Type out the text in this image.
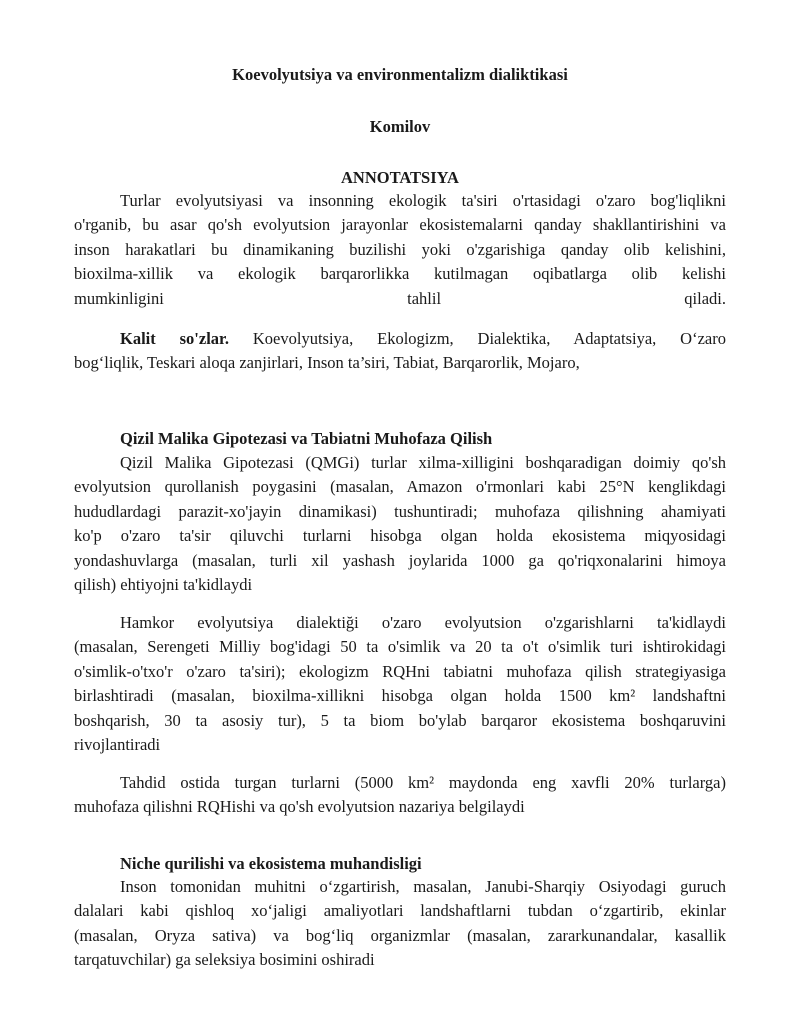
Koevolyutsiya va environmentalizm dialiktikasi
Komilov
ANNOTATSIYA
Turlar evolyutsiyasi va insonning ekologik ta'siri o'rtasidagi o'zaro bog'liqlikni
o'rganib, bu asar qo'sh evolyutsion jarayonlar ekosistemalarni qanday shakllantirishini va
inson harakatlari bu dinamikaning buzilishi yoki o'zgarishiga qanday olib kelishini,
bioxilma-xillik va ekologik barqarorlikka kutilmagan oqibatlarga olib kelishi
mumkinligini tahlil qiladi.
Kalit so'zlar. Koevolyutsiya, Ekologizm, Dialektika, Adaptatsiya, O‘zaro
bog‘liqlik, Teskari aloqa zanjirlari, Inson ta’siri, Tabiat, Barqarorlik, Mojaro,
Qizil Malika Gipotezasi va Tabiatni Muhofaza Qilish
Qizil Malika Gipotezasi (QMGi) turlar xilma-xilligini boshqaradigan doimiy qo'sh
evolyutsion qurollanish poygasini (masalan, Amazon o'rmonlari kabi 25°N kenglikdagi
hududlardagi parazit-xo'jayin dinamikasi) tushuntiradi; muhofaza qilishning ahamiyati
ko'p o'zaro ta'sir qiluvchi turlarni hisobga olgan holda ekosistema miqyosidagi
yondashuvlarga (masalan, turli xil yashash joylarida 1000 ga qo'riqxonalarini himoya
qilish) ehtiyojni ta'kidlaydi
Hamkor evolyutsiya dialektiği o'zaro evolyutsion o'zgarishlarni ta'kidlaydi
(masalan, Serengeti Milliy bog'idagi 50 ta o'simlik va 20 ta o't o'simlik turi ishtirokidagi
o'simlik-o'txo'r o'zaro ta'siri); ekologizm RQHni tabiatni muhofaza qilish strategiyasiga
birlashtiradi (masalan, bioxilma-xillikni hisobga olgan holda 1500 km² landshaftni
boshqarish, 30 ta asosiy tur), 5 ta biom bo'ylab barqaror ekosistema boshqaruvini
rivojlantiradi
Tahdid ostida turgan turlarni (5000 km² maydonda eng xavfli 20% turlarga)
muhofaza qilishni RQHishi va qo'sh evolyutsion nazariya belgilaydi
Niche qurilishi va ekosistema muhandisligi
Inson tomonidan muhitni o‘zgartirish, masalan, Janubi-Sharqiy Osiyodagi guruch
dalalari kabi qishloq xo‘jaligi amaliyotlari landshaftlarni tubdan o‘zgartirib, ekinlar
(masalan, Oryza sativa) va bog‘liq organizmlar (masalan, zararkunandalar, kasallik
tarqatuvchilar) ga seleksiya bosimini oshiradi
